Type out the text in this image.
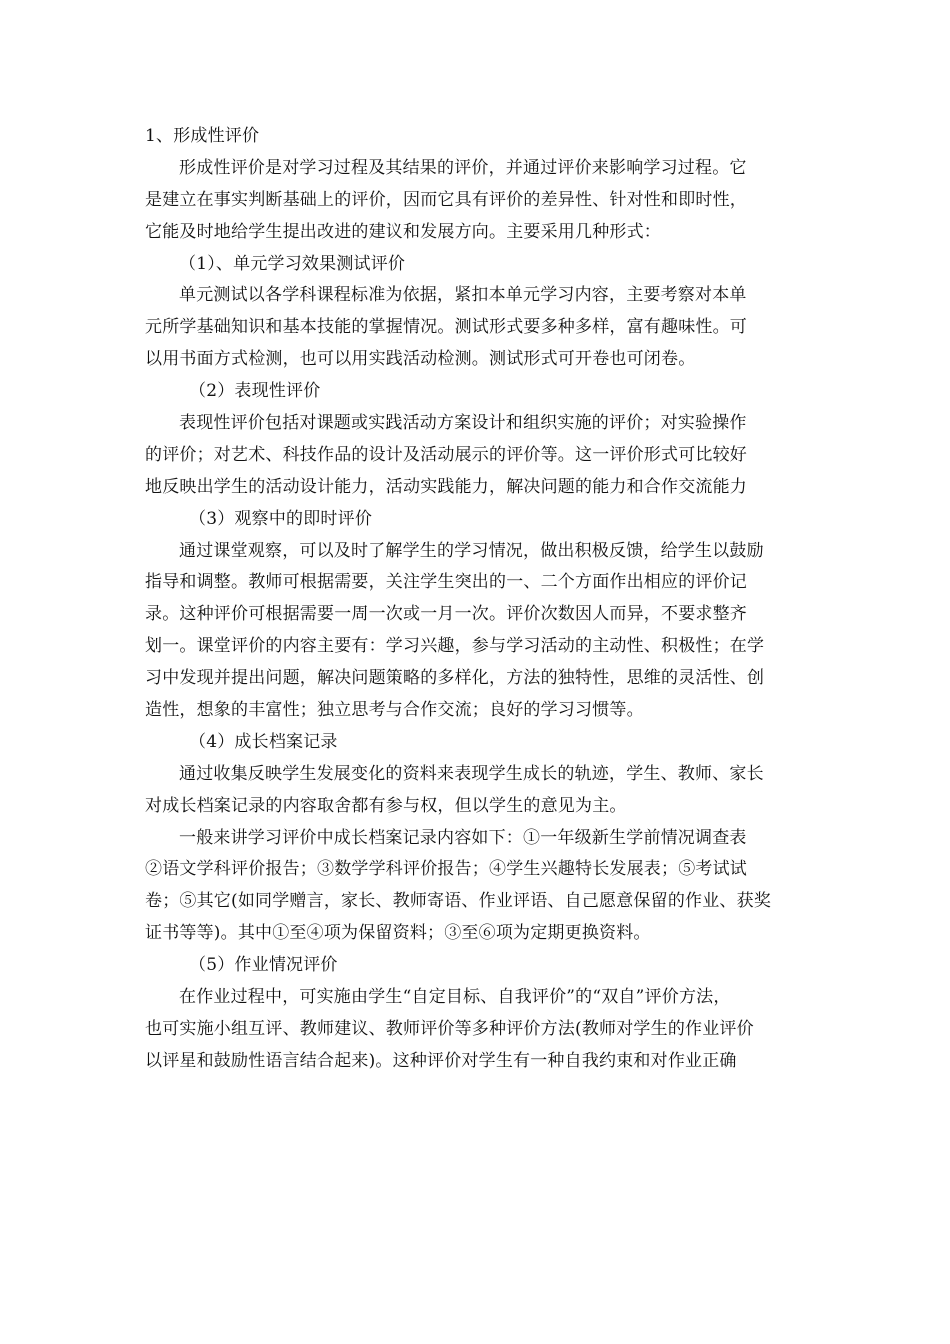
1、形成性评价
形成性评价是对学习过程及其结果的评价，并通过评价来影响学习过程。它
是建立在事实判断基础上的评价，因而它具有评价的差异性、针对性和即时性，
它能及时地给学生提出改进的建议和发展方向。主要采用几种形式：
（1）、单元学习效果测试评价
单元测试以各学科课程标准为依据，紧扣本单元学习内容，主要考察对本单
元所学基础知识和基本技能的掌握情况。测试形式要多种多样，富有趣味性。可
以用书面方式检测，也可以用实践活动检测。测试形式可开卷也可闭卷。
（2）表现性评价
表现性评价包括对课题或实践活动方案设计和组织实施的评价；对实验操作
的评价；对艺术、科技作品的设计及活动展示的评价等。这一评价形式可比较好
地反映出学生的活动设计能力，活动实践能力，解决问题的能力和合作交流能力
（3）观察中的即时评价
通过课堂观察，可以及时了解学生的学习情况，做出积极反馈，给学生以鼓励
指导和调整。教师可根据需要，关注学生突出的一、二个方面作出相应的评价记
录。这种评价可根据需要一周一次或一月一次。评价次数因人而异，不要求整齐
划一。课堂评价的内容主要有：学习兴趣，参与学习活动的主动性、积极性；在学
习中发现并提出问题，解决问题策略的多样化，方法的独特性，思维的灵活性、创
造性，想象的丰富性；独立思考与合作交流；良好的学习习惯等。
（4）成长档案记录
通过收集反映学生发展变化的资料来表现学生成长的轨迹，学生、教师、家长
对成长档案记录的内容取舍都有参与权，但以学生的意见为主。
一般来讲学习评价中成长档案记录内容如下：①一年级新生学前情况调查表
②语文学科评价报告；③数学学科评价报告；④学生兴趣特长发展表；⑤考试试
卷；⑤其它(如同学赠言，家长、教师寄语、作业评语、自己愿意保留的作业、获奖
证书等等)。其中①至④项为保留资料；③至⑥项为定期更换资料。
（5）作业情况评价
在作业过程中，可实施由学生“自定目标、自我评价”的“双自”评价方法，
也可实施小组互评、教师建议、教师评价等多种评价方法(教师对学生的作业评价
以评星和鼓励性语言结合起来)。这种评价对学生有一种自我约束和对作业正确
